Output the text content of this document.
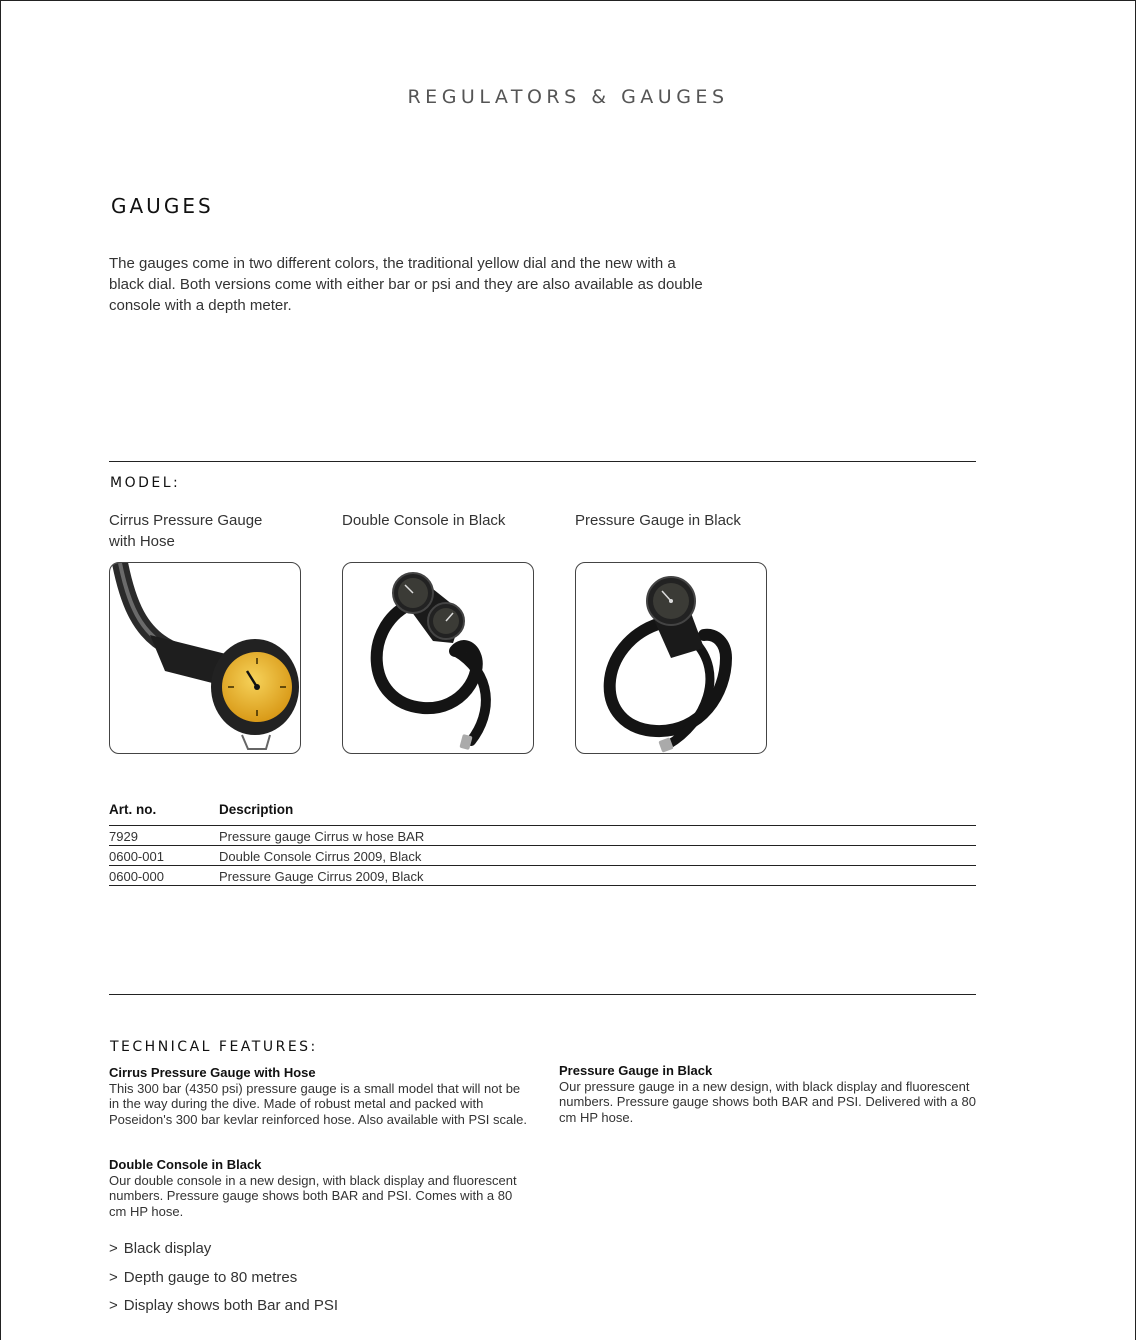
REGULATORS & GAUGES
GAUGES
The gauges come in two different colors, the traditional yellow dial and the new with a black dial. Both versions come with either bar or psi and they are also available as double console with a depth meter.
MODEL:
Cirrus Pressure Gauge with Hose
Double Console in Black	Pressure Gauge in Black
Art. no.	Description
7929	Pressure gauge Cirrus w hose BAR
0600-001	Double Console Cirrus 2009, Black
0600-000	Pressure Gauge Cirrus 2009, Black
TECHNICAL FEATURES:
Cirrus Pressure Gauge with Hose
This 300 bar (4350 psi) pressure gauge is a small model that will not be in the way during the dive. Made of robust metal and packed with Poseidon's 300 bar kevlar reinforced hose. Also available with PSI scale.
Double Console in Black
Our double console in a new design, with black display and fluorescent numbers. Pressure gauge shows both BAR and PSI. Comes with a 80 cm HP hose.
Pressure Gauge in Black
Our pressure gauge in a new design, with black display and fluorescent numbers. Pressure gauge shows both BAR and PSI. Delivered with a 80 cm HP hose.
> Black display
> Depth gauge to 80 metres
> Display shows both Bar and PSI
